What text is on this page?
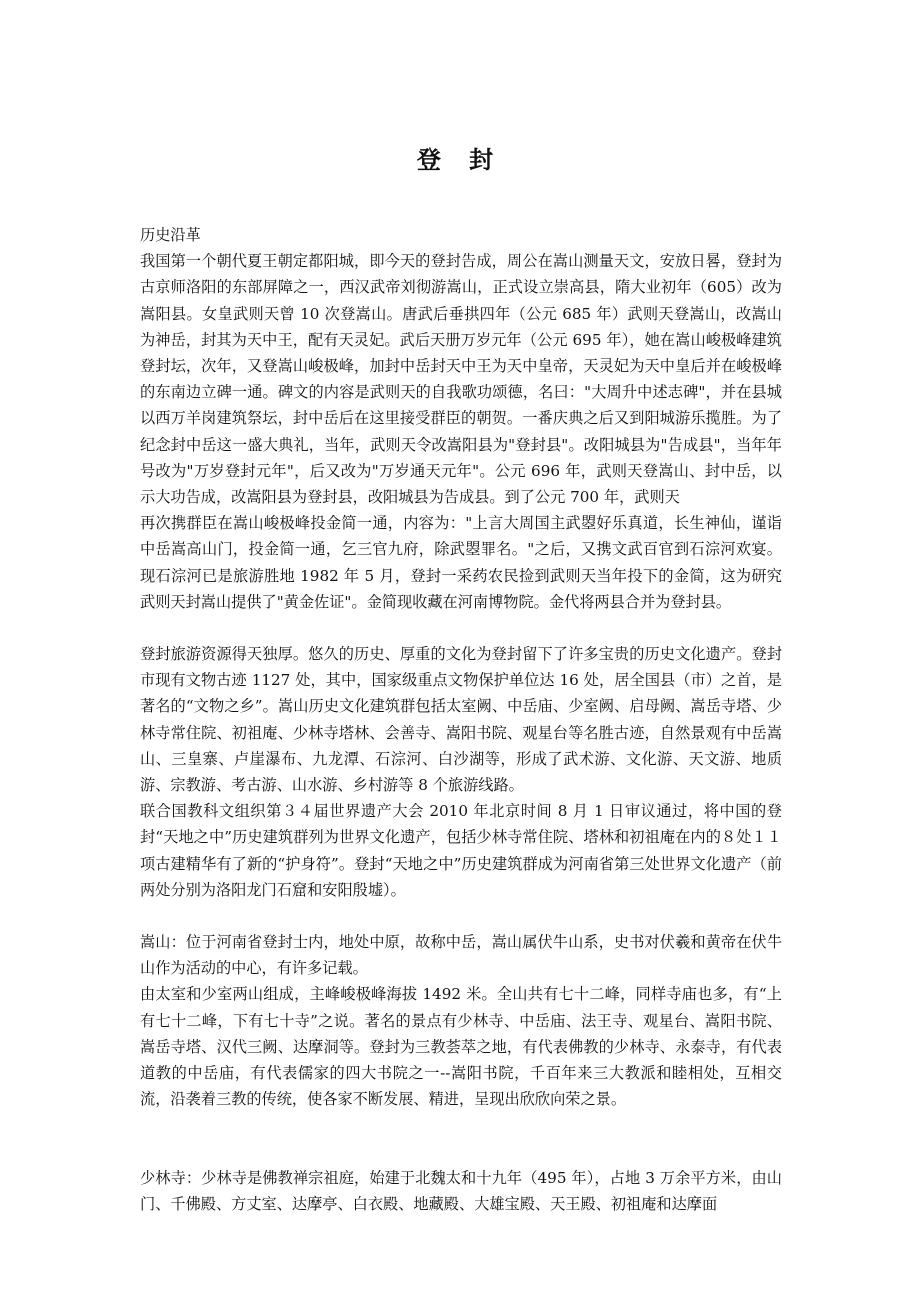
登 封

历史沿革

我国第一个朝代夏王朝定都阳城，即今天的登封告成，周公在嵩山测量天文，安放日晷，登封为古京师洛阳的东部屏障之一，西汉武帝刘彻游嵩山，正式设立崇高县，隋大业初年（605）改为嵩阳县。女皇武则天曾 10 次登嵩山。唐武后垂拱四年（公元 685 年）武则天登嵩山，改嵩山为神岳，封其为天中王，配有天灵妃。武后天册万岁元年（公元 695 年），她在嵩山峻极峰建筑登封坛，次年，又登嵩山峻极峰，加封中岳封天中王为天中皇帝，天灵妃为天中皇后并在峻极峰的东南边立碑一通。碑文的内容是武则天的自我歌功颂德，名曰："大周升中述志碑"，并在县城以西万羊岗建筑祭坛，封中岳后在这里接受群臣的朝贺。一番庆典之后又到阳城游乐揽胜。为了纪念封中岳这一盛大典礼，当年，武则天令改嵩阳县为"登封县"。改阳城县为"告成县"，当年年号改为"万岁登封元年"，后又改为"万岁通天元年"。公元 696 年，武则天登嵩山、封中岳，以示大功告成，改嵩阳县为登封县，改阳城县为告成县。到了公元 700 年，武则天

再次携群臣在嵩山峻极峰投金简一通，内容为："上言大周国主武曌好乐真道，长生神仙，谨诣中岳嵩高山门，投金简一通，乞三官九府，除武曌罪名。"之后，又携文武百官到石淙河欢宴。现石淙河已是旅游胜地 1982 年 5 月，登封一采药农民捡到武则天当年投下的金简，这为研究武则天封嵩山提供了"黄金佐证"。金简现收藏在河南博物院。金代将两县合并为登封县。

登封旅游资源得天独厚。悠久的历史、厚重的文化为登封留下了许多宝贵的历史文化遗产。登封市现有文物古迹 1127 处，其中，国家级重点文物保护单位达 16 处，居全国县（市）之首，是著名的“文物之乡”。嵩山历史文化建筑群包括太室阙、中岳庙、少室阙、启母阙、嵩岳寺塔、少林寺常住院、初祖庵、少林寺塔林、会善寺、嵩阳书院、观星台等名胜古迹，自然景观有中岳嵩山、三皇寨、卢崖瀑布、九龙潭、石淙河、白沙湖等，形成了武术游、文化游、天文游、地质游、宗教游、考古游、山水游、乡村游等 8 个旅游线路。

联合国教科文组织第３４届世界遗产大会 2010 年北京时间 8 月 1 日审议通过，将中国的登封“天地之中”历史建筑群列为世界文化遗产，包括少林寺常住院、塔林和初祖庵在内的８处１１项古建精华有了新的“护身符”。登封“天地之中”历史建筑群成为河南省第三处世界文化遗产（前两处分别为洛阳龙门石窟和安阳殷墟）。

嵩山：位于河南省登封士内，地处中原，故称中岳，嵩山属伏牛山系，史书对伏羲和黄帝在伏牛山作为活动的中心，有许多记载。

由太室和少室两山组成，主峰峻极峰海拔 1492 米。全山共有七十二峰，同样寺庙也多，有“上有七十二峰，下有七十寺”之说。著名的景点有少林寺、中岳庙、法王寺、观星台、嵩阳书院、嵩岳寺塔、汉代三阙、达摩洞等。登封为三教荟萃之地，有代表佛教的少林寺、永泰寺，有代表道教的中岳庙，有代表儒家的四大书院之一--嵩阳书院，千百年来三大教派和睦相处，互相交流，沿袭着三教的传统，使各家不断发展、精进，呈现出欣欣向荣之景。

少林寺：少林寺是佛教禅宗祖庭，始建于北魏太和十九年（495 年），占地 3 万余平方米，由山门、千佛殿、方丈室、达摩亭、白衣殿、地藏殿、大雄宝殿、天王殿、初祖庵和达摩面
